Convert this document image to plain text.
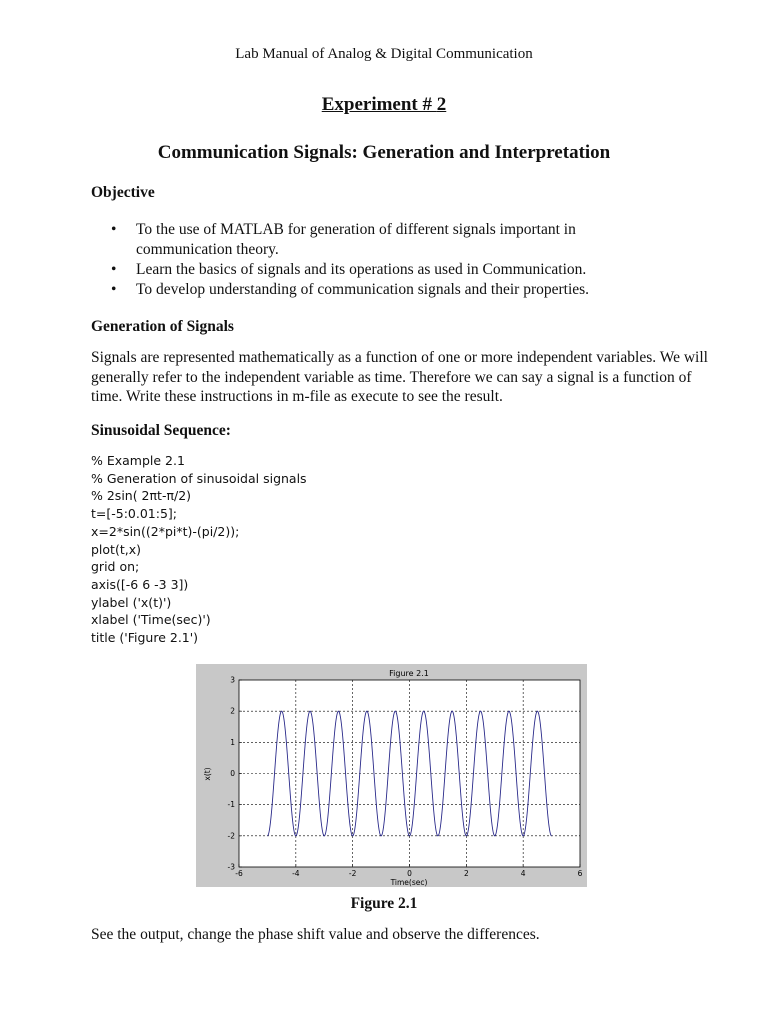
Lab Manual of Analog & Digital Communication
Experiment # 2
Communication Signals: Generation and Interpretation
Objective
• To the use of MATLAB for generation of different signals important in communication theory.
• Learn the basics of signals and its operations as used in Communication.
• To develop understanding of communication signals and their properties.
Generation of Signals
Signals are represented mathematically as a function of one or more independent variables. We will generally refer to the independent variable as time. Therefore we can say a signal is a function of time. Write these instructions in m-file as execute to see the result.
Sinusoidal Sequence:
% Example 2.1
% Generation of sinusoidal signals
% 2sin( 2πt-π/2)
t=[-5:0.01:5];
x=2*sin((2*pi*t)-(pi/2));
plot(t,x)
grid on;
axis([-6 6 -3 3])
ylabel ('x(t)')
xlabel ('Time(sec)')
title ('Figure 2.1')
-6	-4	-2	0	2	4	6
3
2
1
0
-1
-2
-3
Figure 2.1
Time(sec)
x(t)
Figure 2.1
See the output, change the phase shift value and observe the differences.
